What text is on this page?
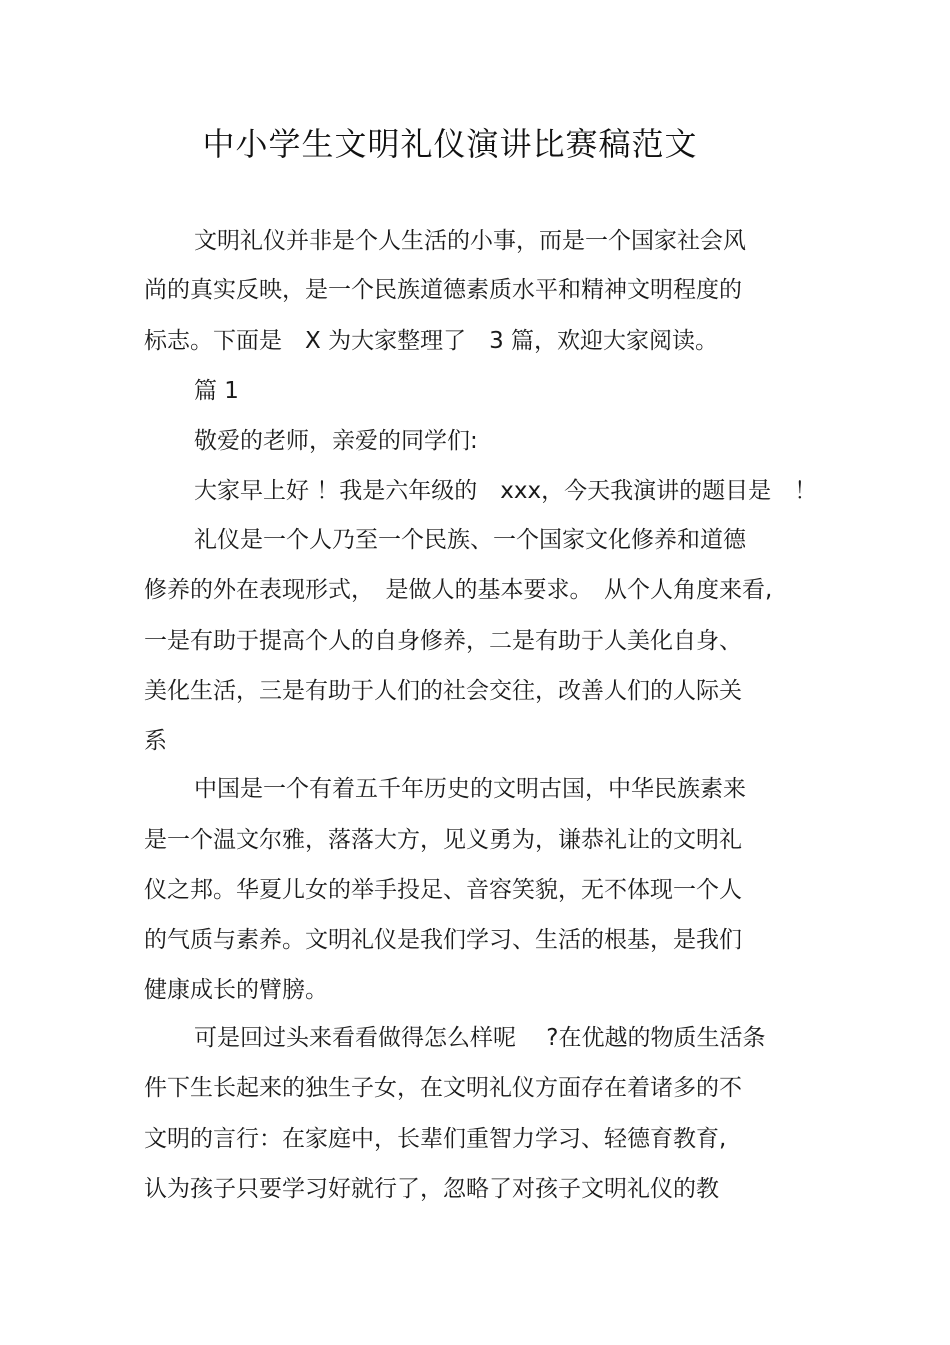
中小学生文明礼仪演讲比赛稿范文
文明礼仪并非是个人生活的小事，而是一个国家社会风
尚的真实反映，是一个民族道德素质水平和精神文明程度的
标志。下面是　X 为大家整理了　3 篇，欢迎大家阅读。
篇 1
敬爱的老师，亲爱的同学们:
大家早上好 ！我是六年级的　xxx，今天我演讲的题目是　！
礼仪是一个人乃至一个民族、一个国家文化修养和道德
修养的外在表现形式，　是做人的基本要求。　从个人角度来看,
一是有助于提高个人的自身修养，二是有助于人美化自身、
美化生活，三是有助于人们的社会交往，改善人们的人际关
系
中国是一个有着五千年历史的文明古国，中华民族素来
是一个温文尔雅，落落大方，见义勇为，谦恭礼让的文明礼
仪之邦。华夏儿女的举手投足、音容笑貌，无不体现一个人
的气质与素养。文明礼仪是我们学习、生活的根基，是我们
健康成长的臂膀。
可是回过头来看看做得怎么样呢　 ?在优越的物质生活条
件下生长起来的独生子女，在文明礼仪方面存在着诸多的不
文明的言行：在家庭中，长辈们重智力学习、轻德育教育,
认为孩子只要学习好就行了，忽略了对孩子文明礼仪的教
